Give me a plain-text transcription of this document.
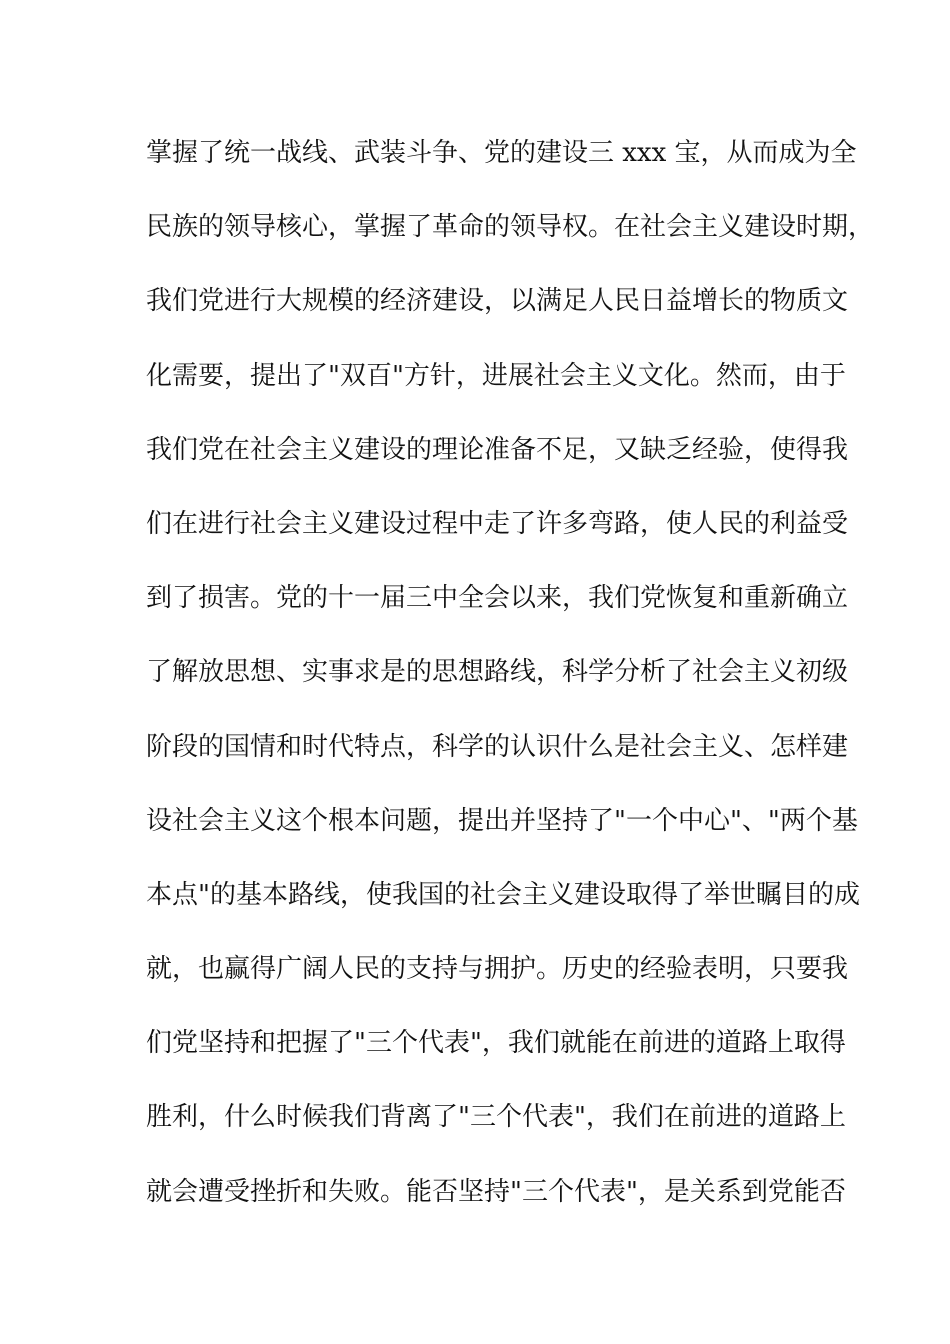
掌握了统一战线、武装斗争、党的建设三 xxx 宝，从而成为全
民族的领导核心，掌握了革命的领导权。在社会主义建设时期，
我们党进行大规模的经济建设，以满足人民日益增长的物质文
化需要，提出了"双百"方针，进展社会主义文化。然而，由于
我们党在社会主义建设的理论准备不足，又缺乏经验，使得我
们在进行社会主义建设过程中走了许多弯路，使人民的利益受
到了损害。党的十一届三中全会以来，我们党恢复和重新确立
了解放思想、实事求是的思想路线，科学分析了社会主义初级
阶段的国情和时代特点，科学的认识什么是社会主义、怎样建
设社会主义这个根本问题，提出并坚持了"一个中心"、"两个基
本点"的基本路线，使我国的社会主义建设取得了举世瞩目的成
就，也赢得广阔人民的支持与拥护。历史的经验表明，只要我
们党坚持和把握了"三个代表"，我们就能在前进的道路上取得
胜利，什么时候我们背离了"三个代表"，我们在前进的道路上
就会遭受挫折和失败。能否坚持"三个代表"，是关系到党能否
